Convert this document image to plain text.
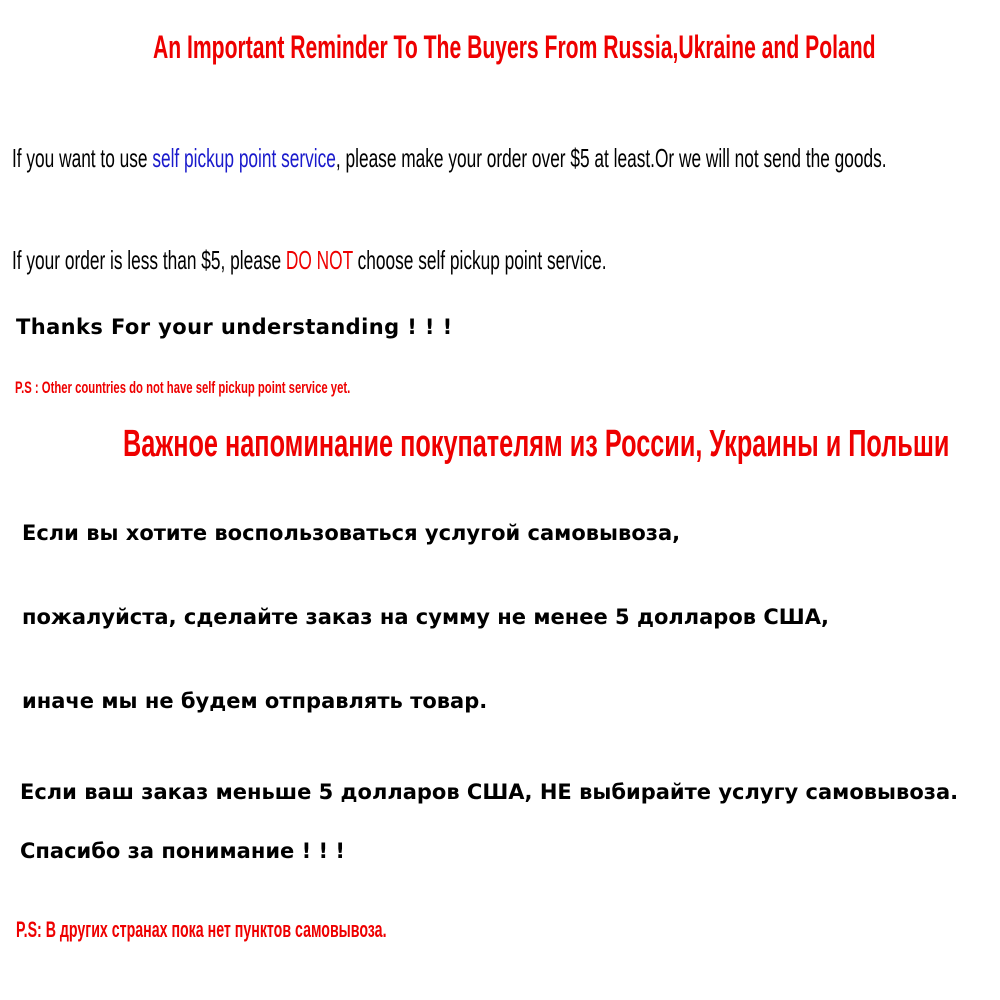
An Important Reminder To The Buyers From Russia,Ukraine and Poland

If you want to use self pickup point service, please make your order over $5 at least.Or we will not send the goods.

If your order is less than $5, please DO NOT choose self pickup point service.

Thanks For your understanding ! ! !

P.S : Other countries do not have self pickup point service yet.

Важное напоминание покупателям из России, Украины и Польши

Если вы хотите воспользоваться услугой самовывоза,

пожалуйста, сделайте заказ на сумму не менее 5 долларов США,

иначе мы не будем отправлять товар.

Если ваш заказ меньше 5 долларов США, НЕ выбирайте услугу самовывоза.

Спасибо за понимание ! ! !

P.S: В других странах пока нет пунктов самовывоза.
